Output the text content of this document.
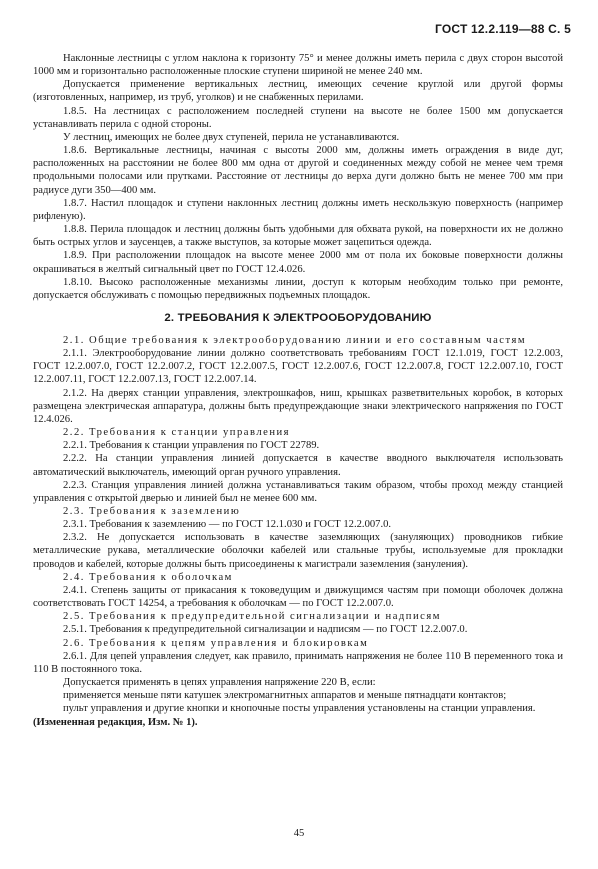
ГОСТ 12.2.119—88 С. 5

Наклонные лестницы с углом наклона к горизонту 75° и менее должны иметь перила с двух сторон высотой 1000 мм и горизонтально расположенные плоские ступени шириной не менее 240 мм.

Допускается применение вертикальных лестниц, имеющих сечение круглой или другой формы (изготовленных, например, из труб, уголков) и не снабженных перилами.

1.8.5. На лестницах с расположением последней ступени на высоте не более 1500 мм допускается устанавливать перила с одной стороны.

У лестниц, имеющих не более двух ступеней, перила не устанавливаются.

1.8.6. Вертикальные лестницы, начиная с высоты 2000 мм, должны иметь ограждения в виде дуг, расположенных на расстоянии не более 800 мм одна от другой и соединенных между собой не менее чем тремя продольными полосами или прутками. Расстояние от лестницы до верха дуги должно быть не менее 700 мм при радиусе дуги 350—400 мм.

1.8.7. Настил площадок и ступени наклонных лестниц должны иметь нескользкую поверхность (например рифленую).

1.8.8. Перила площадок и лестниц должны быть удобными для обхвата рукой, на поверхности их не должно быть острых углов и заусенцев, а также выступов, за которые может зацепиться одежда.

1.8.9. При расположении площадок на высоте менее 2000 мм от пола их боковые поверхности должны окрашиваться в желтый сигнальный цвет по ГОСТ 12.4.026.

1.8.10. Высоко расположенные механизмы линии, доступ к которым необходим только при ремонте, допускается обслуживать с помощью передвижных подъемных площадок.

2. ТРЕБОВАНИЯ К ЭЛЕКТРООБОРУДОВАНИЮ

2.1. Общие требования к электрооборудованию линии и его составным частям

2.1.1. Электрооборудование линии должно соответствовать требованиям ГОСТ 12.1.019, ГОСТ 12.2.003, ГОСТ 12.2.007.0, ГОСТ 12.2.007.2, ГОСТ 12.2.007.5, ГОСТ 12.2.007.6, ГОСТ 12.2.007.8, ГОСТ 12.2.007.10, ГОСТ 12.2.007.11, ГОСТ 12.2.007.13, ГОСТ 12.2.007.14.

2.1.2. На дверях станции управления, электрошкафов, ниш, крышках разветвительных коробок, в которых размещена электрическая аппаратура, должны быть предупреждающие знаки электрического напряжения по ГОСТ 12.4.026.

2.2. Требования к станции управления

2.2.1. Требования к станции управления по ГОСТ 22789.

2.2.2. На станции управления линией допускается в качестве вводного выключателя использовать автоматический выключатель, имеющий орган ручного управления.

2.2.3. Станция управления линией должна устанавливаться таким образом, чтобы проход между станцией управления с открытой дверью и линией был не менее 600 мм.

2.3. Требования к заземлению

2.3.1. Требования к заземлению — по ГОСТ 12.1.030 и ГОСТ 12.2.007.0.

2.3.2. Не допускается использовать в качестве заземляющих (зануляющих) проводников гибкие металлические рукава, металлические оболочки кабелей или стальные трубы, используемые для прокладки проводов и кабелей, которые должны быть присоединены к магистрали заземления (зануления).

2.4. Требования к оболочкам

2.4.1. Степень защиты от прикасания к токоведущим и движущимся частям при помощи оболочек должна соответствовать ГОСТ 14254, а требования к оболочкам — по ГОСТ 12.2.007.0.

2.5. Требования к предупредительной сигнализации и надписям

2.5.1. Требования к предупредительной сигнализации и надписям — по ГОСТ 12.2.007.0.

2.6. Требования к цепям управления и блокировкам

2.6.1. Для цепей управления следует, как правило, принимать напряжения не более 110 В переменного тока и 110 В постоянного тока.

Допускается применять в цепях управления напряжение 220 В, если:

применяется меньше пяти катушек электромагнитных аппаратов и меньше пятнадцати контактов;

пульт управления и другие кнопки и кнопочные посты управления установлены на станции управления.

(Измененная редакция, Изм. № 1).

45
